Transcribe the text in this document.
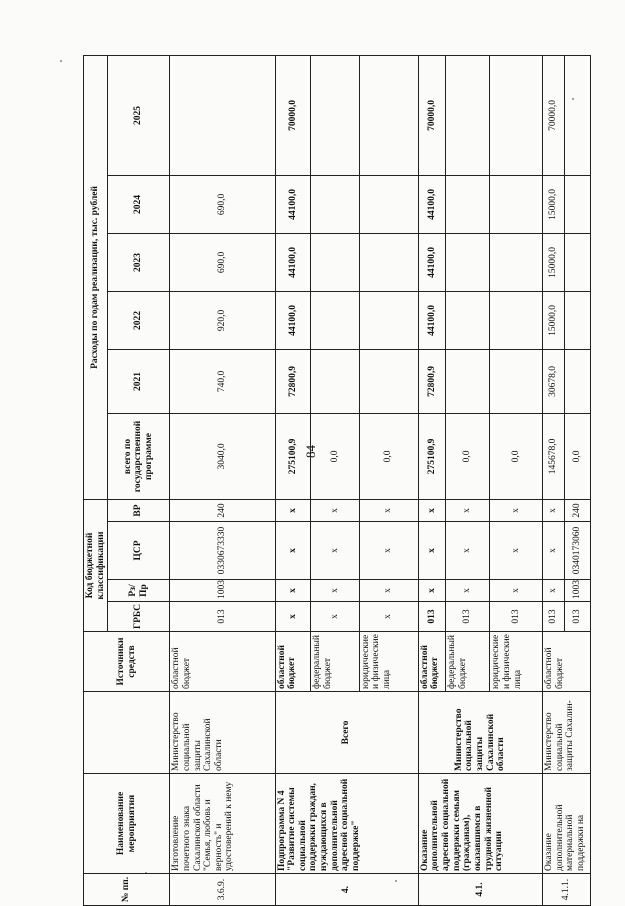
84
№ пп.	Наименование мероприятия		Источники средств	Код бюджетной классификации				Расходы по годам реализации, тыс. рублей					
				ГРБС	Рз/Пр	ЦСР	ВР	всего по государственной программе	2021	2022	2023	2024	2025
3.6.9.	Изготовление почетного знака Сахалинской области "Семья, любовь и верность" и удостоверений к нему	Министерство социальной защиты Сахалинской области	областной бюджет	013	1003	0330673330	240	3040,0	740,0	920,0	690,0	690,0	
4.	Подпрограмма N 4 "Развитие системы социальной поддержки граждан, нуждающихся в дополнительной адресной социальной поддержке"	Всего	областной бюджет	х	х	х	х	275100,9	72800,9	44100,0	44100,0	44100,0	70000,0
			федеральный бюджет	х	х	х	х	0,0					
			юридические и физические лица	х	х	х	х	0,0					
4.1.	Оказание дополнительной адресной социальной поддержки семьям (гражданам), оказавшимся в трудной жизненной ситуации	Министерство социальной защиты Сахалинской области	областной бюджет	013	х	х	х	275100,9	72800,9	44100,0	44100,0	44100,0	70000,0
			федеральный бюджет	013	х	х	х	0,0					
			юридические и физические лица	013	х	х	х	0,0					
4.1.1.	Оказание дополнительной материальной поддержки на	Министерство социальной защиты Сахалин-	областной бюджет	013	х	х	х	145678,0	30678,0	15000,0	15000,0	15000,0	70000,0
				013	1003	0340173060	240	0,0					
